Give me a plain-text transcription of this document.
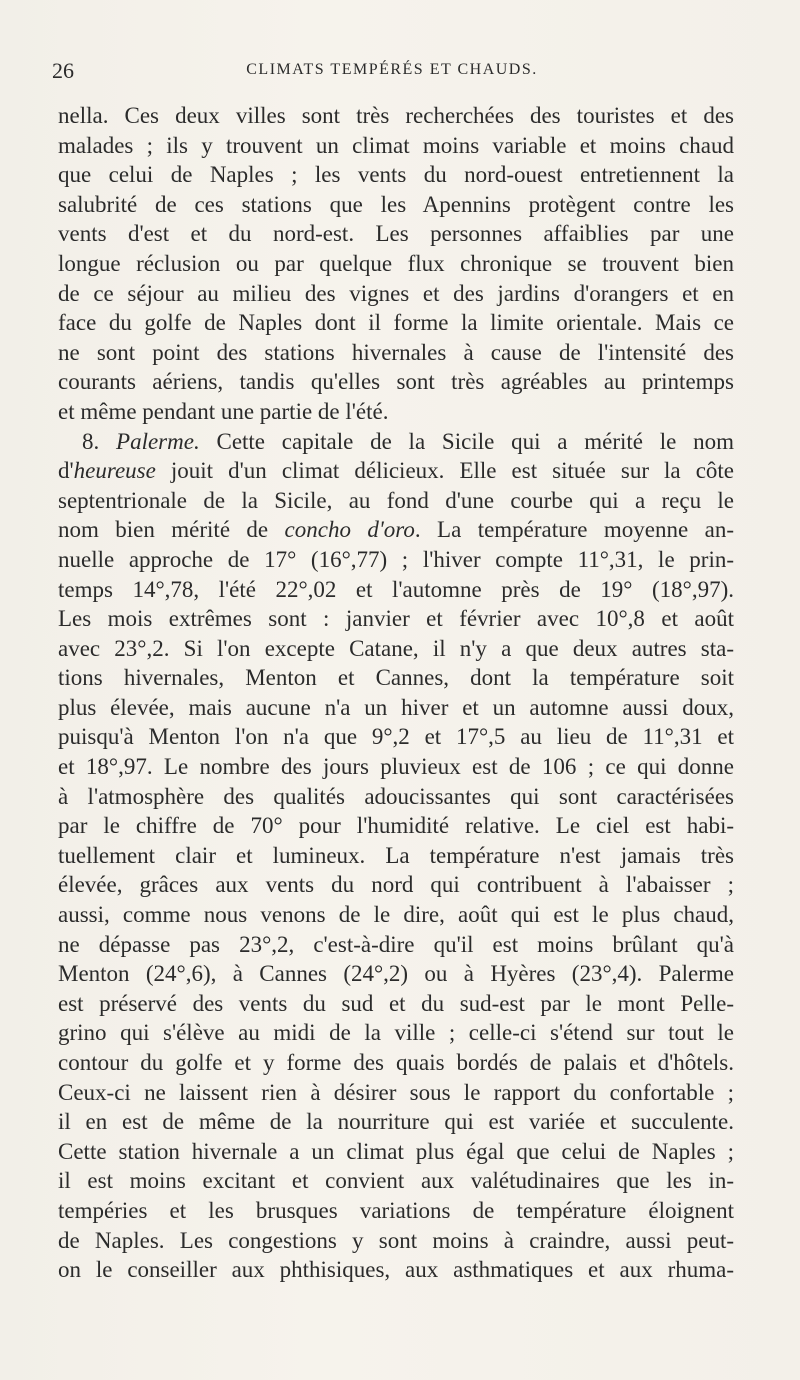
26	CLIMATS TEMPÉRÉS ET CHAUDS.
nella. Ces deux villes sont très recherchées des touristes et des
malades ; ils y trouvent un climat moins variable et moins chaud
que celui de Naples ; les vents du nord-ouest entretiennent la
salubrité de ces stations que les Apennins protègent contre les
vents d'est et du nord-est. Les personnes affaiblies par une
longue réclusion ou par quelque flux chronique se trouvent bien
de ce séjour au milieu des vignes et des jardins d'orangers et en
face du golfe de Naples dont il forme la limite orientale. Mais ce
ne sont point des stations hivernales à cause de l'intensité des
courants aériens, tandis qu'elles sont très agréables au printemps
et même pendant une partie de l'été.
8. Palerme. Cette capitale de la Sicile qui a mérité le nom
d'heureuse jouit d'un climat délicieux. Elle est située sur la côte
septentrionale de la Sicile, au fond d'une courbe qui a reçu le
nom bien mérité de concho d'oro. La température moyenne an-
nuelle approche de 17° (16°,77) ; l'hiver compte 11°,31, le prin-
temps 14°,78, l'été 22°,02 et l'automne près de 19° (18°,97).
Les mois extrêmes sont : janvier et février avec 10°,8 et août
avec 23°,2. Si l'on excepte Catane, il n'y a que deux autres sta-
tions hivernales, Menton et Cannes, dont la température soit
plus élevée, mais aucune n'a un hiver et un automne aussi doux,
puisqu'à Menton l'on n'a que 9°,2 et 17°,5 au lieu de 11°,31 et
et 18°,97. Le nombre des jours pluvieux est de 106 ; ce qui donne
à l'atmosphère des qualités adoucissantes qui sont caractérisées
par le chiffre de 70° pour l'humidité relative. Le ciel est habi-
tuellement clair et lumineux. La température n'est jamais très
élevée, grâces aux vents du nord qui contribuent à l'abaisser ;
aussi, comme nous venons de le dire, août qui est le plus chaud,
ne dépasse pas 23°,2, c'est-à-dire qu'il est moins brûlant qu'à
Menton (24°,6), à Cannes (24°,2) ou à Hyères (23°,4). Palerme
est préservé des vents du sud et du sud-est par le mont Pelle-
grino qui s'élève au midi de la ville ; celle-ci s'étend sur tout le
contour du golfe et y forme des quais bordés de palais et d'hôtels.
Ceux-ci ne laissent rien à désirer sous le rapport du confortable ;
il en est de même de la nourriture qui est variée et succulente.
Cette station hivernale a un climat plus égal que celui de Naples ;
il est moins excitant et convient aux valétudinaires que les in-
tempéries et les brusques variations de température éloignent
de Naples. Les congestions y sont moins à craindre, aussi peut-
on le conseiller aux phthisiques, aux asthmatiques et aux rhuma-
